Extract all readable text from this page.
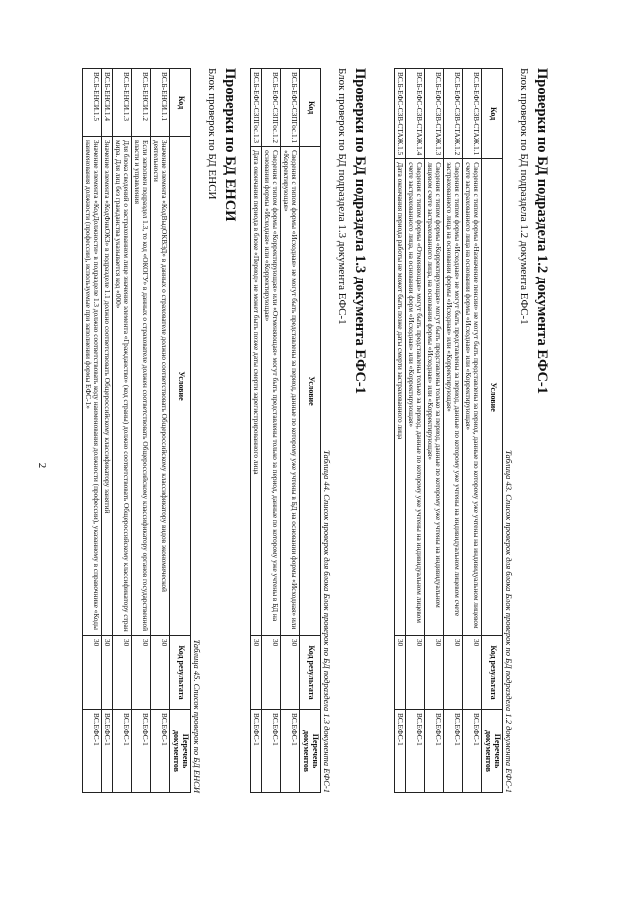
2
Проверки по БД подраздела 1.2 документа ЕФС-1
Блок проверок по БД подраздела 1.2 документа ЕФС-1
Таблица 43. Список проверок для блока Блок проверок по БД подраздела 1.2 документа ЕФС-1
Код	Условие	Код результата	Перечень документов
ВС.Б-ЕФС-СЗВ-СТАЖ.1.1	Сведения с типом формы «Назначение пенсии» не могут быть представлены за период, данные по которому уже учтены на индивидуальном лицевом счете застрахованного лица на основании формы «Исходная» или «Корректирующая»	30	ВС.ЕФС-1
ВС.Б-ЕФС-СЗВ-СТАЖ.1.2	Сведения с типом формы «Исходная» не могут быть представлены за период, данные по которому уже учтены на индивидуальном лицевом счете застрахованного лица на основании формы «Исходная» или «Корректирующая»	30	ВС.ЕФС-1
ВС.Б-ЕФС-СЗВ-СТАЖ.1.3	Сведения с типом формы «Корректирующая» могут быть представлены только за период, данные по которому уже учтены на индивидуальном лицевом счете застрахованного лица, на основании формы «Исходная» или «Корректирующая»	30	ВС.ЕФС-1
ВС.Б-ЕФС-СЗВ-СТАЖ.1.4	Сведения с типом формы «Отменяющая» могут быть представлены только за период, данные по которому уже учтены на индивидуальном лицевом счете застрахованного лица, на основании форм «Исходная» или «Корректирующая»	30	ВС.ЕФС-1
ВС.Б-ЕФС-СЗВ-СТАЖ.1.5	Дата окончания периода работы не может быть позже даты смерти застрахованного лица	30	ВС.ЕФС-1
Проверки по БД подраздела 1.3 документа ЕФС-1
Блок проверок по БД подраздела 1.3 документа ЕФС-1
Таблица 44. Список проверок для блока Блок проверок по БД подраздела 1.3 документа ЕФС-1
Код	Условие	Код результата	Перечень документов
ВС.Б-ЕФС-СЗПГос.1.1	Сведения с типом формы «Исходная» не могут быть представлены за период, данные по которому уже учтены в БД на основании формы «Исходная» или «Корректирующая»	30	ВС.ЕФС-1
ВС.Б-ЕФС-СЗПГос.1.2	Сведения с типом формы «Корректирующая» или «Отменяющая» могут быть представлены только за период, данные по которому уже учтены в БД на основании формы «Исходная» или «Корректирующая»	30	ВС.ЕФС-1
ВС.Б-ЕФС-СЗПГос.1.3	Дата окончания периода в блоке «Период» не может быть позже даты смерти зарегистрированного лица	30	ВС.ЕФС-1
Проверки по БД ЕНСИ
Блок проверок по БД ЕНСИ
Таблица 45. Список проверок по БД ЕНСИ
Код	Условие	Код результата	Перечень документов
ВС.Б-ЕНСИ.1.1	Значение элемента «КодВыдОКВЭД» в данных о страхователе должно соответствовать Общероссийскому классификатору видов экономической деятельности	30	ВС.ЕФС-1
ВС.Б-ЕНСИ.1.2	Если заполнен подраздел 1.3, то код «ОКОГУ» в данных о страхователе должен соответствовать Общероссийскому классификатору органов государственной власти и управления	30	ВС.ЕФС-1
ВС.Б-ЕНСИ.1.3	Для блока сведений о застрахованном лице значение элемента «Гражданство» (код страны) должно соответствовать Общероссийскому классификатору стран мира. Для лиц без гражданства указывается код «000»	30	ВС.ЕФС-1
ВС.Б-ЕНСИ.1.4	Значение элемента «КодФнкОКЗ» в подразделе 1.1 должно соответствовать Общероссийскому классификатору занятий	30	ВС.ЕФС-1
ВС.Б-ЕНСИ.1.5	Значение элемента «КодДолжности» в подразделе 1.3 должно соответствовать коду наименования должности (профессии), указанному в справочнике «Коды наименования должности (профессии), используемые при заполнении формы ЕФС-1»	30	ВС.ЕФС-1
